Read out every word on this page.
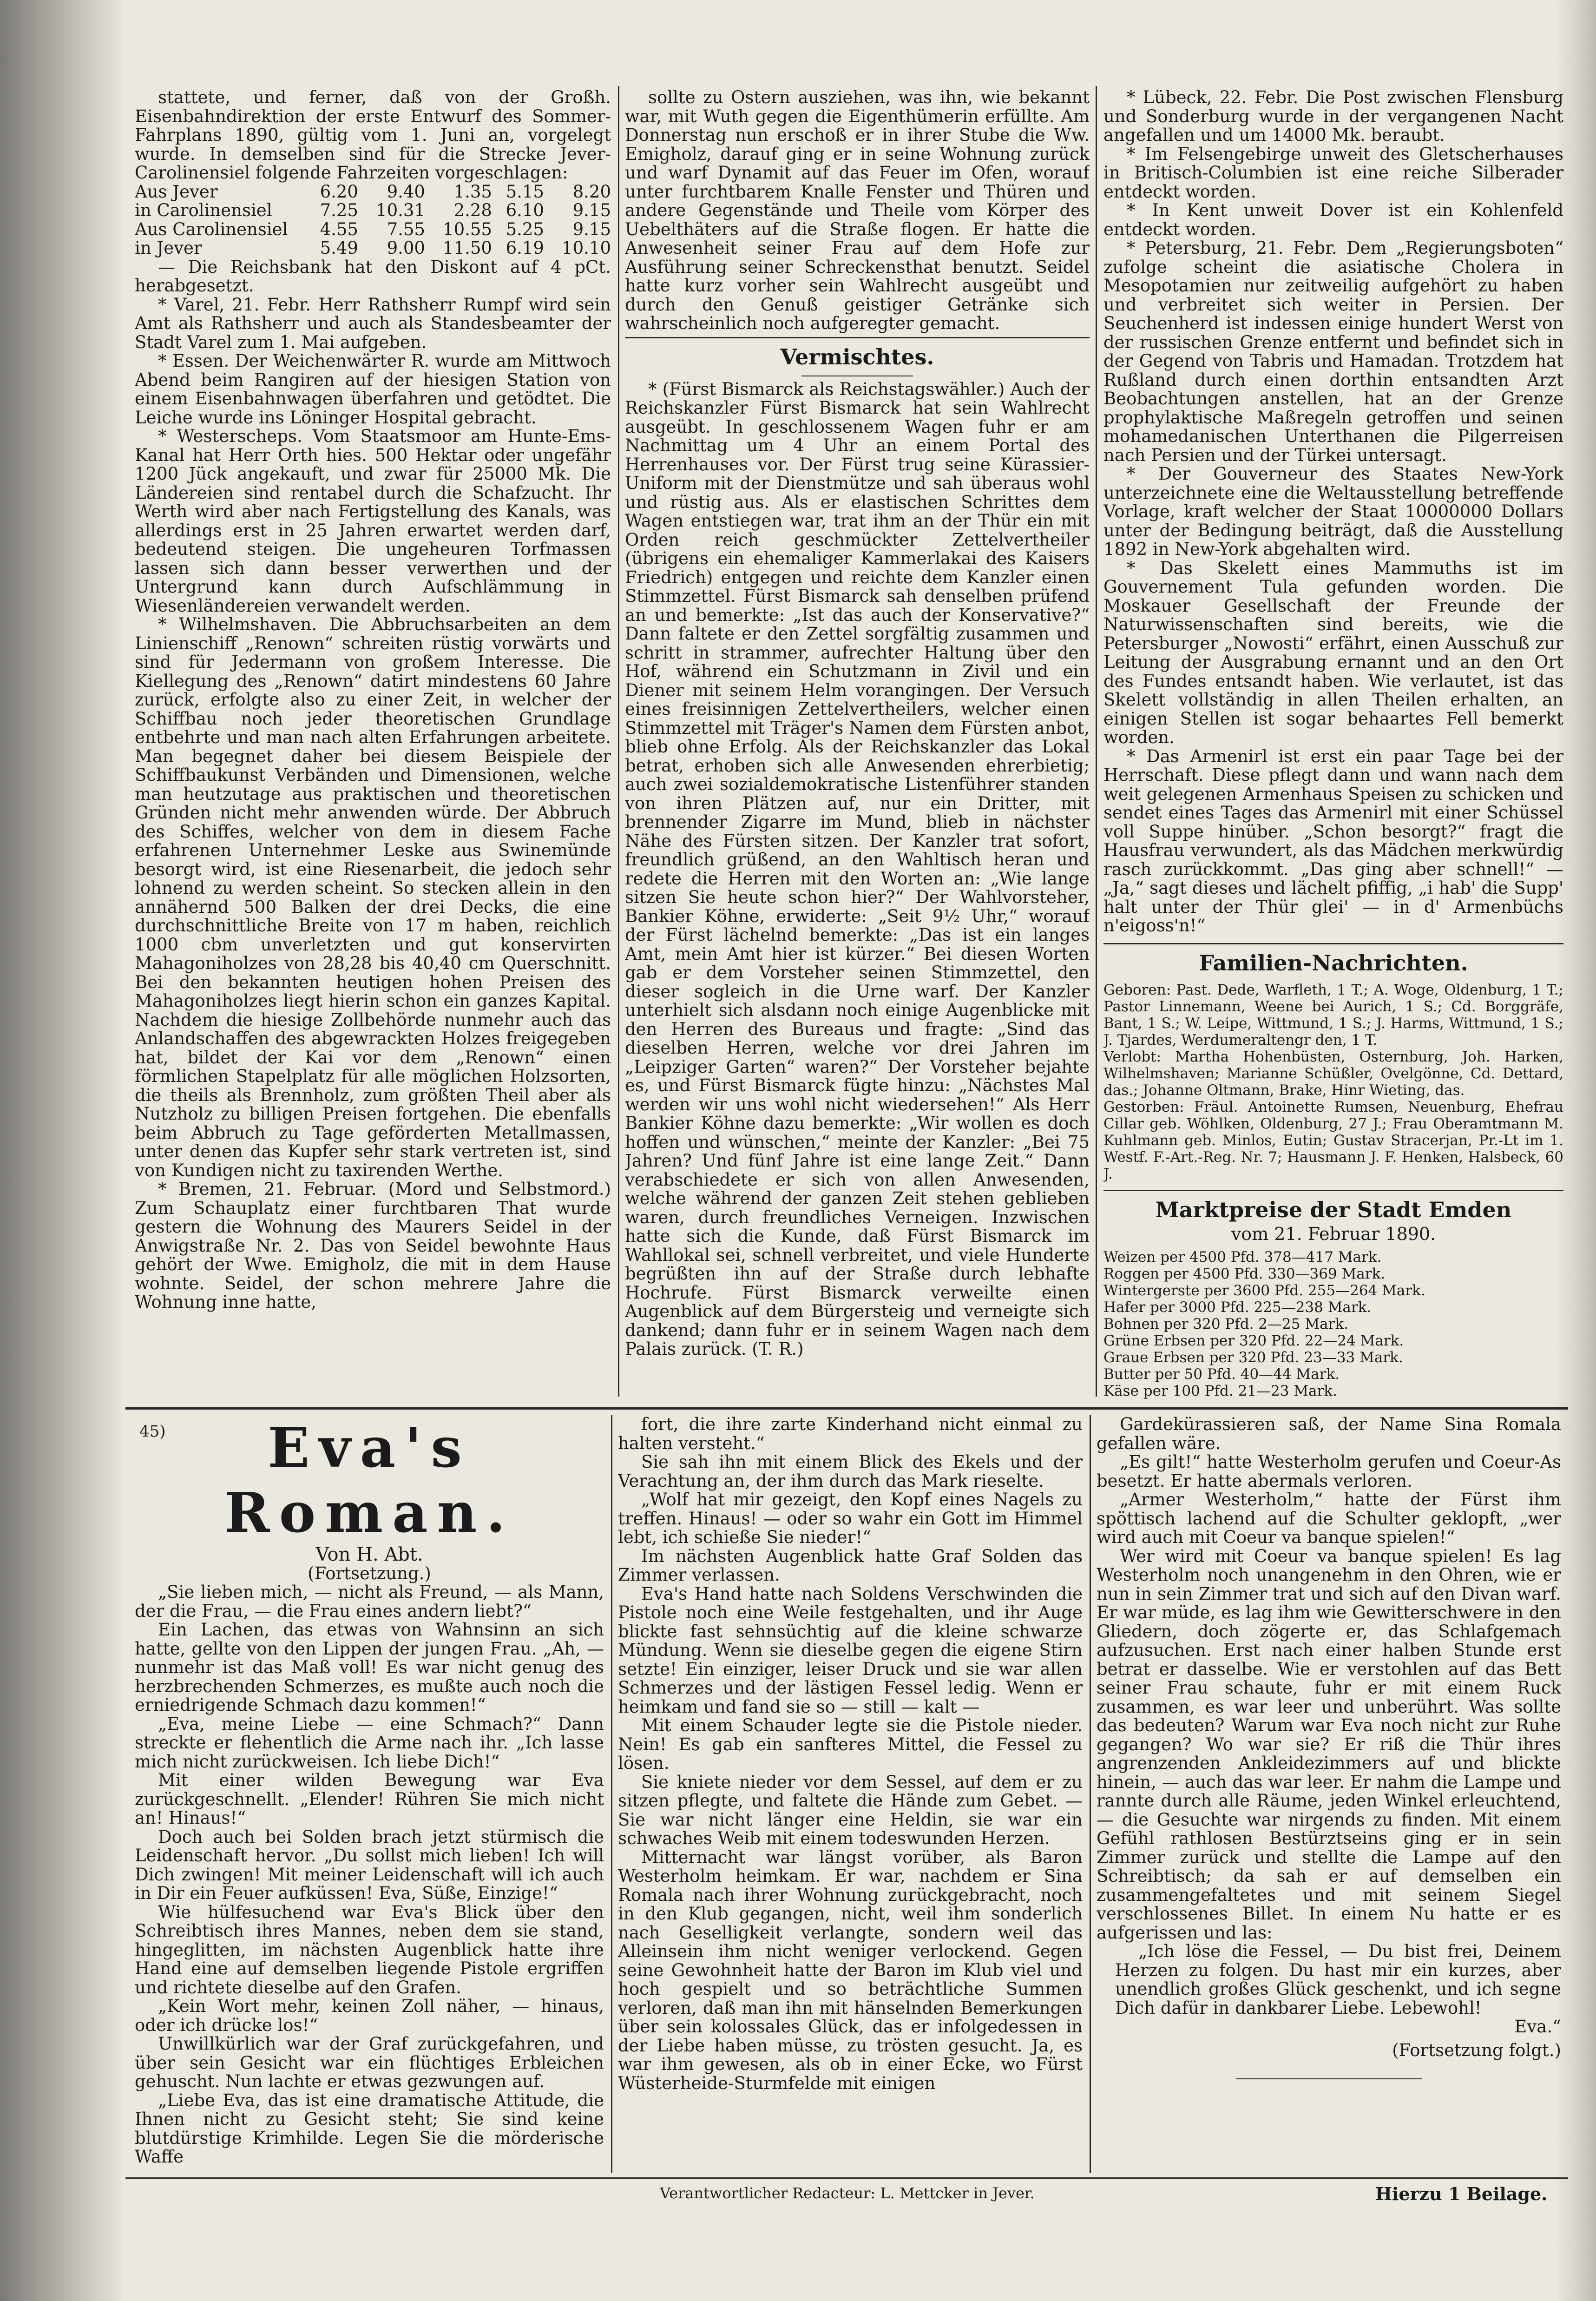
stattete, und ferner, daß von der Großh. Eisenbahndirektion der erste Entwurf des Sommer-Fahrplans 1890, gültig vom 1. Juni an, vorgelegt wurde. In demselben sind für die Strecke Jever-Carolinensiel folgende Fahrzeiten vorgeschlagen:

Aus Jever	6.20	9.40	1.35	5.15	8.20
in Carolinensiel	7.25	10.31	2.28	6.10	9.15
Aus Carolinensiel	4.55	7.55	10.55	5.25	9.15
in Jever	5.49	9.00	11.50	6.19	10.10

— Die Reichsbank hat den Diskont auf 4 pCt. herabgesetzt.

* Varel, 21. Febr. Herr Rathsherr Rumpf wird sein Amt als Rathsherr und auch als Standesbeamter der Stadt Varel zum 1. Mai aufgeben.

* Essen. Der Weichenwärter R. wurde am Mittwoch Abend beim Rangiren auf der hiesigen Station von einem Eisenbahnwagen überfahren und getödtet. Die Leiche wurde ins Löninger Hospital gebracht.

* Westerscheps. Vom Staatsmoor am Hunte-Ems-Kanal hat Herr Orth hies. 500 Hektar oder ungefähr 1200 Jück angekauft, und zwar für 25000 Mk. Die Ländereien sind rentabel durch die Schafzucht. Ihr Werth wird aber nach Fertigstellung des Kanals, was allerdings erst in 25 Jahren erwartet werden darf, bedeutend steigen. Die ungeheuren Torfmassen lassen sich dann besser verwerthen und der Untergrund kann durch Aufschlämmung in Wiesenländereien verwandelt werden.

* Wilhelmshaven. Die Abbruchsarbeiten an dem Linienschiff „Renown“ schreiten rüstig vorwärts und sind für Jedermann von großem Interesse. Die Kiellegung des „Renown“ datirt mindestens 60 Jahre zurück, erfolgte also zu einer Zeit, in welcher der Schiffbau noch jeder theoretischen Grundlage entbehrte und man nach alten Erfahrungen arbeitete. Man begegnet daher bei diesem Beispiele der Schiffbaukunst Verbänden und Dimensionen, welche man heutzutage aus praktischen und theoretischen Gründen nicht mehr anwenden würde. Der Abbruch des Schiffes, welcher von dem in diesem Fache erfahrenen Unternehmer Leske aus Swinemünde besorgt wird, ist eine Riesenarbeit, die jedoch sehr lohnend zu werden scheint. So stecken allein in den annähernd 500 Balken der drei Decks, die eine durchschnittliche Breite von 17 m haben, reichlich 1000 cbm unverletzten und gut konservirten Mahagoniholzes von 28,28 bis 40,40 cm Querschnitt. Bei den bekannten heutigen hohen Preisen des Mahagoniholzes liegt hierin schon ein ganzes Kapital. Nachdem die hiesige Zollbehörde nunmehr auch das Anlandschaffen des abgewrackten Holzes freigegeben hat, bildet der Kai vor dem „Renown“ einen förmlichen Stapelplatz für alle möglichen Holzsorten, die theils als Brennholz, zum größten Theil aber als Nutzholz zu billigen Preisen fortgehen. Die ebenfalls beim Abbruch zu Tage geförderten Metallmassen, unter denen das Kupfer sehr stark vertreten ist, sind von Kundigen nicht zu taxirenden Werthe.

* Bremen, 21. Februar. (Mord und Selbstmord.) Zum Schauplatz einer furchtbaren That wurde gestern die Wohnung des Maurers Seidel in der Anwigstraße Nr. 2. Das von Seidel bewohnte Haus gehört der Wwe. Emigholz, die mit in dem Hause wohnte. Seidel, der schon mehrere Jahre die Wohnung inne hatte,

sollte zu Ostern ausziehen, was ihn, wie bekannt war, mit Wuth gegen die Eigenthümerin erfüllte. Am Donnerstag nun erschoß er in ihrer Stube die Ww. Emigholz, darauf ging er in seine Wohnung zurück und warf Dynamit auf das Feuer im Ofen, worauf unter furchtbarem Knalle Fenster und Thüren und andere Gegenstände und Theile vom Körper des Uebelthäters auf die Straße flogen. Er hatte die Anwesenheit seiner Frau auf dem Hofe zur Ausführung seiner Schreckensthat benutzt. Seidel hatte kurz vorher sein Wahlrecht ausgeübt und durch den Genuß geistiger Getränke sich wahrscheinlich noch aufgeregter gemacht.

Vermischtes.

* (Fürst Bismarck als Reichstagswähler.) Auch der Reichskanzler Fürst Bismarck hat sein Wahlrecht ausgeübt. In geschlossenem Wagen fuhr er am Nachmittag um 4 Uhr an einem Portal des Herrenhauses vor. Der Fürst trug seine Kürassier-Uniform mit der Dienstmütze und sah überaus wohl und rüstig aus. Als er elastischen Schrittes dem Wagen entstiegen war, trat ihm an der Thür ein mit Orden reich geschmückter Zettelvertheiler (übrigens ein ehemaliger Kammerlakai des Kaisers Friedrich) entgegen und reichte dem Kanzler einen Stimmzettel. Fürst Bismarck sah denselben prüfend an und bemerkte: „Ist das auch der Konservative?“ Dann faltete er den Zettel sorgfältig zusammen und schritt in strammer, aufrechter Haltung über den Hof, während ein Schutzmann in Zivil und ein Diener mit seinem Helm vorangingen. Der Versuch eines freisinnigen Zettelvertheilers, welcher einen Stimmzettel mit Träger's Namen dem Fürsten anbot, blieb ohne Erfolg. Als der Reichskanzler das Lokal betrat, erhoben sich alle Anwesenden ehrerbietig; auch zwei sozialdemokratische Listenführer standen von ihren Plätzen auf, nur ein Dritter, mit brennender Zigarre im Mund, blieb in nächster Nähe des Fürsten sitzen. Der Kanzler trat sofort, freundlich grüßend, an den Wahltisch heran und redete die Herren mit den Worten an: „Wie lange sitzen Sie heute schon hier?“ Der Wahlvorsteher, Bankier Köhne, erwiderte: „Seit 9½ Uhr,“ worauf der Fürst lächelnd bemerkte: „Das ist ein langes Amt, mein Amt hier ist kürzer.“ Bei diesen Worten gab er dem Vorsteher seinen Stimmzettel, den dieser sogleich in die Urne warf. Der Kanzler unterhielt sich alsdann noch einige Augenblicke mit den Herren des Bureaus und fragte: „Sind das dieselben Herren, welche vor drei Jahren im „Leipziger Garten“ waren?“ Der Vorsteher bejahte es, und Fürst Bismarck fügte hinzu: „Nächstes Mal werden wir uns wohl nicht wiedersehen!“ Als Herr Bankier Köhne dazu bemerkte: „Wir wollen es doch hoffen und wünschen,“ meinte der Kanzler: „Bei 75 Jahren? Und fünf Jahre ist eine lange Zeit.“ Dann verabschiedete er sich von allen Anwesenden, welche während der ganzen Zeit stehen geblieben waren, durch freundliches Verneigen. Inzwischen hatte sich die Kunde, daß Fürst Bismarck im Wahllokal sei, schnell verbreitet, und viele Hunderte begrüßten ihn auf der Straße durch lebhafte Hochrufe. Fürst Bismarck verweilte einen Augenblick auf dem Bürgersteig und verneigte sich dankend; dann fuhr er in seinem Wagen nach dem Palais zurück. (T. R.)

* Lübeck, 22. Febr. Die Post zwischen Flensburg und Sonderburg wurde in der vergangenen Nacht angefallen und um 14000 Mk. beraubt.

* Im Felsengebirge unweit des Gletscherhauses in Britisch-Columbien ist eine reiche Silberader entdeckt worden.

* In Kent unweit Dover ist ein Kohlenfeld entdeckt worden.

* Petersburg, 21. Febr. Dem „Regierungsboten“ zufolge scheint die asiatische Cholera in Mesopotamien nur zeitweilig aufgehört zu haben und verbreitet sich weiter in Persien. Der Seuchenherd ist indessen einige hundert Werst von der russischen Grenze entfernt und befindet sich in der Gegend von Tabris und Hamadan. Trotzdem hat Rußland durch einen dorthin entsandten Arzt Beobachtungen anstellen, hat an der Grenze prophylaktische Maßregeln getroffen und seinen mohamedanischen Unterthanen die Pilgerreisen nach Persien und der Türkei untersagt.

* Der Gouverneur des Staates New-York unterzeichnete eine die Weltausstellung betreffende Vorlage, kraft welcher der Staat 10000000 Dollars unter der Bedingung beiträgt, daß die Ausstellung 1892 in New-York abgehalten wird.

* Das Skelett eines Mammuths ist im Gouvernement Tula gefunden worden. Die Moskauer Gesellschaft der Freunde der Naturwissenschaften sind bereits, wie die Petersburger „Nowosti“ erfährt, einen Ausschuß zur Leitung der Ausgrabung ernannt und an den Ort des Fundes entsandt haben. Wie verlautet, ist das Skelett vollständig in allen Theilen erhalten, an einigen Stellen ist sogar behaartes Fell bemerkt worden.

* Das Armenirl ist erst ein paar Tage bei der Herrschaft. Diese pflegt dann und wann nach dem weit gelegenen Armenhaus Speisen zu schicken und sendet eines Tages das Armenirl mit einer Schüssel voll Suppe hinüber. „Schon besorgt?“ fragt die Hausfrau verwundert, als das Mädchen merkwürdig rasch zurückkommt. „Das ging aber schnell!“ — „Ja,“ sagt dieses und lächelt pfiffig, „i hab' die Supp' halt unter der Thür glei' — in d' Armenbüchs n'eigoss'n!“

Familien-Nachrichten.

Geboren: Past. Dede, Warfleth, 1 T.; A. Woge, Oldenburg, 1 T.; Pastor Linnemann, Weene bei Aurich, 1 S.; Cd. Borggräfe, Bant, 1 S.; W. Leipe, Wittmund, 1 S.; J. Harms, Wittmund, 1 S.; J. Tjardes, Werdumeraltengr den, 1 T.

Verlobt: Martha Hohenbüsten, Osternburg, Joh. Harken, Wilhelmshaven; Marianne Schüßler, Ovelgönne, Cd. Dettard, das.; Johanne Oltmann, Brake, Hinr Wieting, das.

Gestorben: Fräul. Antoinette Rumsen, Neuenburg, Ehefrau Cillar geb. Wöhlken, Oldenburg, 27 J.; Frau Oberamtmann M. Kuhlmann geb. Minlos, Eutin; Gustav Stracerjan, Pr.-Lt im 1. Westf. F.-Art.-Reg. Nr. 7; Hausmann J. F. Henken, Halsbeck, 60 J.

Marktpreise der Stadt Emden
vom 21. Februar 1890.
Weizen per 4500 Pfd. 378—417 Mark.
Roggen per 4500 Pfd. 330—369 Mark.
Wintergerste per 3600 Pfd. 255—264 Mark.
Hafer per 3000 Pfd. 225—238 Mark.
Bohnen per 320 Pfd. 2—25 Mark.
Grüne Erbsen per 320 Pfd. 22—24 Mark.
Graue Erbsen per 320 Pfd. 23—33 Mark.
Butter per 50 Pfd. 40—44 Mark.
Käse per 100 Pfd. 21—23 Mark.
45)	Eva's Roman.

Von H. Abt.

(Fortsetzung.)

„Sie lieben mich, — nicht als Freund, — als Mann, der die Frau, — die Frau eines andern liebt?“

Ein Lachen, das etwas von Wahnsinn an sich hatte, gellte von den Lippen der jungen Frau. „Ah, — nunmehr ist das Maß voll! Es war nicht genug des herzbrechenden Schmerzes, es mußte auch noch die erniedrigende Schmach dazu kommen!“

„Eva, meine Liebe — eine Schmach?“ Dann streckte er flehentlich die Arme nach ihr. „Ich lasse mich nicht zurückweisen. Ich liebe Dich!“

Mit einer wilden Bewegung war Eva zurückgeschnellt. „Elender! Rühren Sie mich nicht an! Hinaus!“

Doch auch bei Solden brach jetzt stürmisch die Leidenschaft hervor. „Du sollst mich lieben! Ich will Dich zwingen! Mit meiner Leidenschaft will ich auch in Dir ein Feuer aufküssen! Eva, Süße, Einzige!“

Wie hülfesuchend war Eva's Blick über den Schreibtisch ihres Mannes, neben dem sie stand, hingeglitten, im nächsten Augenblick hatte ihre Hand eine auf demselben liegende Pistole ergriffen und richtete dieselbe auf den Grafen.

„Kein Wort mehr, keinen Zoll näher, — hinaus, oder ich drücke los!“

Unwillkürlich war der Graf zurückgefahren, und über sein Gesicht war ein flüchtiges Erbleichen gehuscht. Nun lachte er etwas gezwungen auf.

„Liebe Eva, das ist eine dramatische Attitude, die Ihnen nicht zu Gesicht steht; Sie sind keine blutdürstige Krimhilde. Legen Sie die mörderische Waffe

fort, die ihre zarte Kinderhand nicht einmal zu halten versteht.“

Sie sah ihn mit einem Blick des Ekels und der Verachtung an, der ihm durch das Mark rieselte.

„Wolf hat mir gezeigt, den Kopf eines Nagels zu treffen. Hinaus! — oder so wahr ein Gott im Himmel lebt, ich schieße Sie nieder!“

Im nächsten Augenblick hatte Graf Solden das Zimmer verlassen.

Eva's Hand hatte nach Soldens Verschwinden die Pistole noch eine Weile festgehalten, und ihr Auge blickte fast sehnsüchtig auf die kleine schwarze Mündung. Wenn sie dieselbe gegen die eigene Stirn setzte! Ein einziger, leiser Druck und sie war allen Schmerzes und der lästigen Fessel ledig. Wenn er heimkam und fand sie so — still — kalt —

Mit einem Schauder legte sie die Pistole nieder. Nein! Es gab ein sanfteres Mittel, die Fessel zu lösen.

Sie kniete nieder vor dem Sessel, auf dem er zu sitzen pflegte, und faltete die Hände zum Gebet. — Sie war nicht länger eine Heldin, sie war ein schwaches Weib mit einem todeswunden Herzen.

Mitternacht war längst vorüber, als Baron Westerholm heimkam. Er war, nachdem er Sina Romala nach ihrer Wohnung zurückgebracht, noch in den Klub gegangen, nicht, weil ihm sonderlich nach Geselligkeit verlangte, sondern weil das Alleinsein ihm nicht weniger verlockend. Gegen seine Gewohnheit hatte der Baron im Klub viel und hoch gespielt und so beträchtliche Summen verloren, daß man ihn mit hänselnden Bemerkungen über sein kolossales Glück, das er infolgedessen in der Liebe haben müsse, zu trösten gesucht. Ja, es war ihm gewesen, als ob in einer Ecke, wo Fürst Wüsterheide-Sturmfelde mit einigen

Gardekürassieren saß, der Name Sina Romala gefallen wäre.

„Es gilt!“ hatte Westerholm gerufen und Coeur-As besetzt. Er hatte abermals verloren.

„Armer Westerholm,“ hatte der Fürst ihm spöttisch lachend auf die Schulter geklopft, „wer wird auch mit Coeur va banque spielen!“

Wer wird mit Coeur va banque spielen! Es lag Westerholm noch unangenehm in den Ohren, wie er nun in sein Zimmer trat und sich auf den Divan warf. Er war müde, es lag ihm wie Gewitterschwere in den Gliedern, doch zögerte er, das Schlafgemach aufzusuchen. Erst nach einer halben Stunde erst betrat er dasselbe. Wie er verstohlen auf das Bett seiner Frau schaute, fuhr er mit einem Ruck zusammen, es war leer und unberührt. Was sollte das bedeuten? Warum war Eva noch nicht zur Ruhe gegangen? Wo war sie? Er riß die Thür ihres angrenzenden Ankleidezimmers auf und blickte hinein, — auch das war leer. Er nahm die Lampe und rannte durch alle Räume, jeden Winkel erleuchtend, — die Gesuchte war nirgends zu finden. Mit einem Gefühl rathlosen Bestürztseins ging er in sein Zimmer zurück und stellte die Lampe auf den Schreibtisch; da sah er auf demselben ein zusammengefaltetes und mit seinem Siegel verschlossenes Billet. In einem Nu hatte er es aufgerissen und las:

„Ich löse die Fessel, — Du bist frei, Deinem Herzen zu folgen. Du hast mir ein kurzes, aber unendlich großes Glück geschenkt, und ich segne Dich dafür in dankbarer Liebe. Lebewohl!

Eva.“

(Fortsetzung folgt.)

Verantwortlicher Redacteur: L. Mettcker in Jever.	Hierzu 1 Beilage.
